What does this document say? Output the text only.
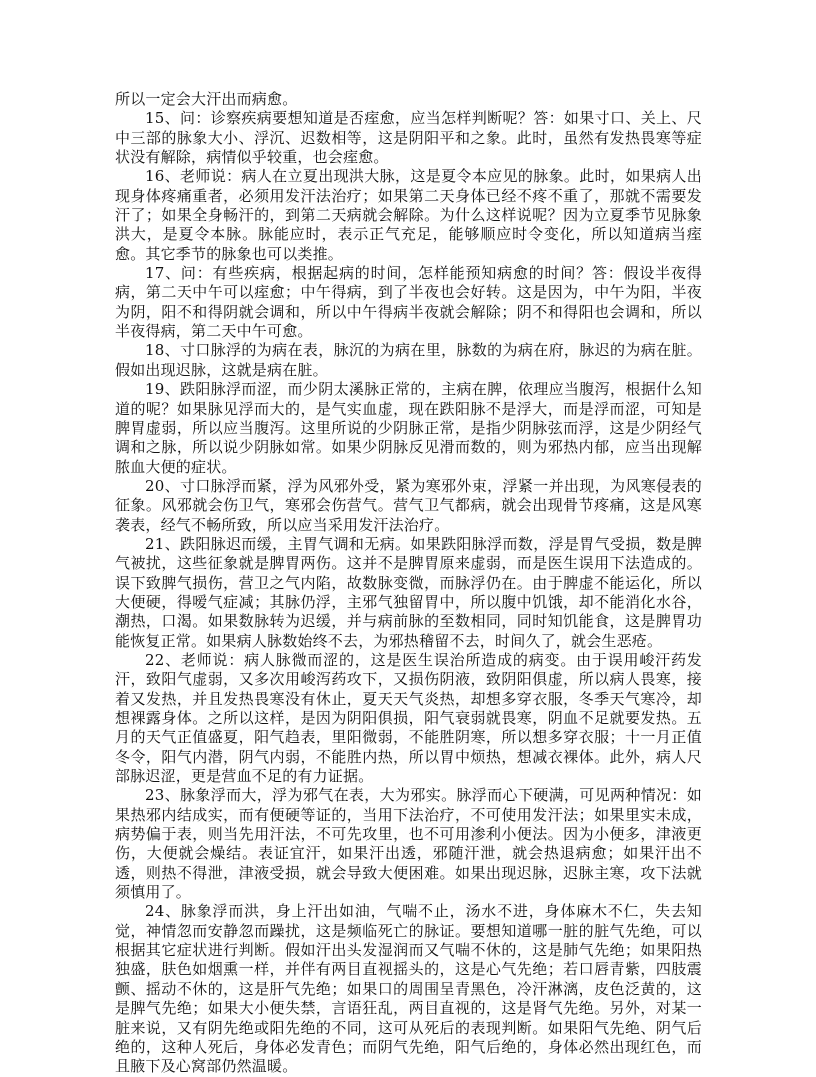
所以一定会大汗出而病愈。

15、问：诊察疾病要想知道是否痓愈，应当怎样判断呢？答：如果寸口、关上、尺中三部的脉象大小、浮沉、迟数相等，这是阴阳平和之象。此时，虽然有发热畏寒等症状没有解除，病情似乎较重，也会痓愈。

16、老师说：病人在立夏出现洪大脉，这是夏令本应见的脉象。此时，如果病人出现身体疼痛重者，必须用发汗法治疗；如果第二天身体已经不疼不重了，那就不需要发汗了；如果全身畅汗的，到第二天病就会解除。为什么这样说呢？因为立夏季节见脉象洪大，是夏令本脉。脉能应时，表示正气充足，能够顺应时令变化，所以知道病当痓愈。其它季节的脉象也可以类推。

17、问：有些疾病，根据起病的时间，怎样能预知病愈的时间？答：假设半夜得病，第二天中午可以痓愈；中午得病，到了半夜也会好转。这是因为，中午为阳，半夜为阴，阳不和得阴就会调和，所以中午得病半夜就会解除；阴不和得阳也会调和，所以半夜得病，第二天中午可愈。

18、寸口脉浮的为病在表，脉沉的为病在里，脉数的为病在府，脉迟的为病在脏。假如出现迟脉，这就是病在脏。

19、跌阳脉浮而涩，而少阴太溪脉正常的，主病在脾，依理应当腹泻，根据什么知道的呢？如果脉见浮而大的，是气实血虚，现在跌阳脉不是浮大，而是浮而涩，可知是脾胃虚弱，所以应当腹泻。这里所说的少阴脉正常，是指少阴脉弦而浮，这是少阴经气调和之脉，所以说少阴脉如常。如果少阴脉反见滑而数的，则为邪热内郁，应当出现解脓血大便的症状。

20、寸口脉浮而紧，浮为风邪外受，紧为寒邪外束，浮紧一并出现，为风寒侵表的征象。风邪就会伤卫气，寒邪会伤营气。营气卫气都病，就会出现骨节疼痛，这是风寒袭表，经气不畅所致，所以应当采用发汗法治疗。

21、跌阳脉迟而缓，主胃气调和无病。如果跌阳脉浮而数，浮是胃气受损，数是脾气被扰，这些征象就是脾胃两伤。这并不是脾胃原来虚弱，而是医生误用下法造成的。误下致脾气损伤，营卫之气内陷，故数脉变微，而脉浮仍在。由于脾虚不能运化，所以大便硬，得嗳气症减；其脉仍浮，主邪气独留胃中，所以腹中饥饿，却不能消化水谷，潮热，口渴。如果数脉转为迟缓，并与病前脉的至数相同，同时知饥能食，这是脾胃功能恢复正常。如果病人脉数始终不去，为邪热稽留不去，时间久了，就会生恶疮。

22、老师说：病人脉微而涩的，这是医生误治所造成的病变。由于误用峻汗药发汗，致阳气虚弱，又多次用峻泻药攻下，又损伤阴液，致阴阳俱虚，所以病人畏寒，接着又发热，并且发热畏寒没有休止，夏天天气炎热，却想多穿衣服，冬季天气寒冷，却想裸露身体。之所以这样，是因为阴阳俱损，阳气衰弱就畏寒，阴血不足就要发热。五月的天气正值盛夏，阳气趋表，里阳微弱，不能胜阴寒，所以想多穿衣服；十一月正值冬令，阳气内潜，阴气内弱，不能胜内热，所以胃中烦热，想减衣裸体。此外，病人尺部脉迟涩，更是营血不足的有力证据。

23、脉象浮而大，浮为邪气在表，大为邪实。脉浮而心下硬满，可见两种情况：如果热邪内结成实，而有便硬等证的，当用下法治疗，不可使用发汗法；如果里实未成，病势偏于表，则当先用汗法，不可先攻里，也不可用渗利小便法。因为小便多，津液更伤，大便就会燥结。表证宜汗，如果汗出透，邪随汗泄，就会热退病愈；如果汗出不透，则热不得泄，津液受损，就会导致大便困难。如果出现迟脉，迟脉主寒，攻下法就须慎用了。

24、脉象浮而洪，身上汗出如油，气喘不止，汤水不进，身体麻木不仁，失去知觉，神情忽而安静忽而躁扰，这是频临死亡的脉证。要想知道哪一脏的脏气先绝，可以根据其它症状进行判断。假如汗出头发湿润而又气喘不休的，这是肺气先绝；如果阳热独盛，肤色如烟熏一样，并伴有两目直视摇头的，这是心气先绝；若口唇青紫，四肢震颤、摇动不休的，这是肝气先绝；如果口的周围呈青黑色，冷汗淋漓，皮色泛黄的，这是脾气先绝；如果大小便失禁，言语狂乱，两目直视的，这是肾气先绝。另外，对某一脏来说，又有阴先绝或阳先绝的不同，这可从死后的表现判断。如果阳气先绝、阴气后绝的，这种人死后，身体必发青色；而阴气先绝，阳气后绝的，身体必然出现红色，而且腋下及心窝部仍然温暖。
